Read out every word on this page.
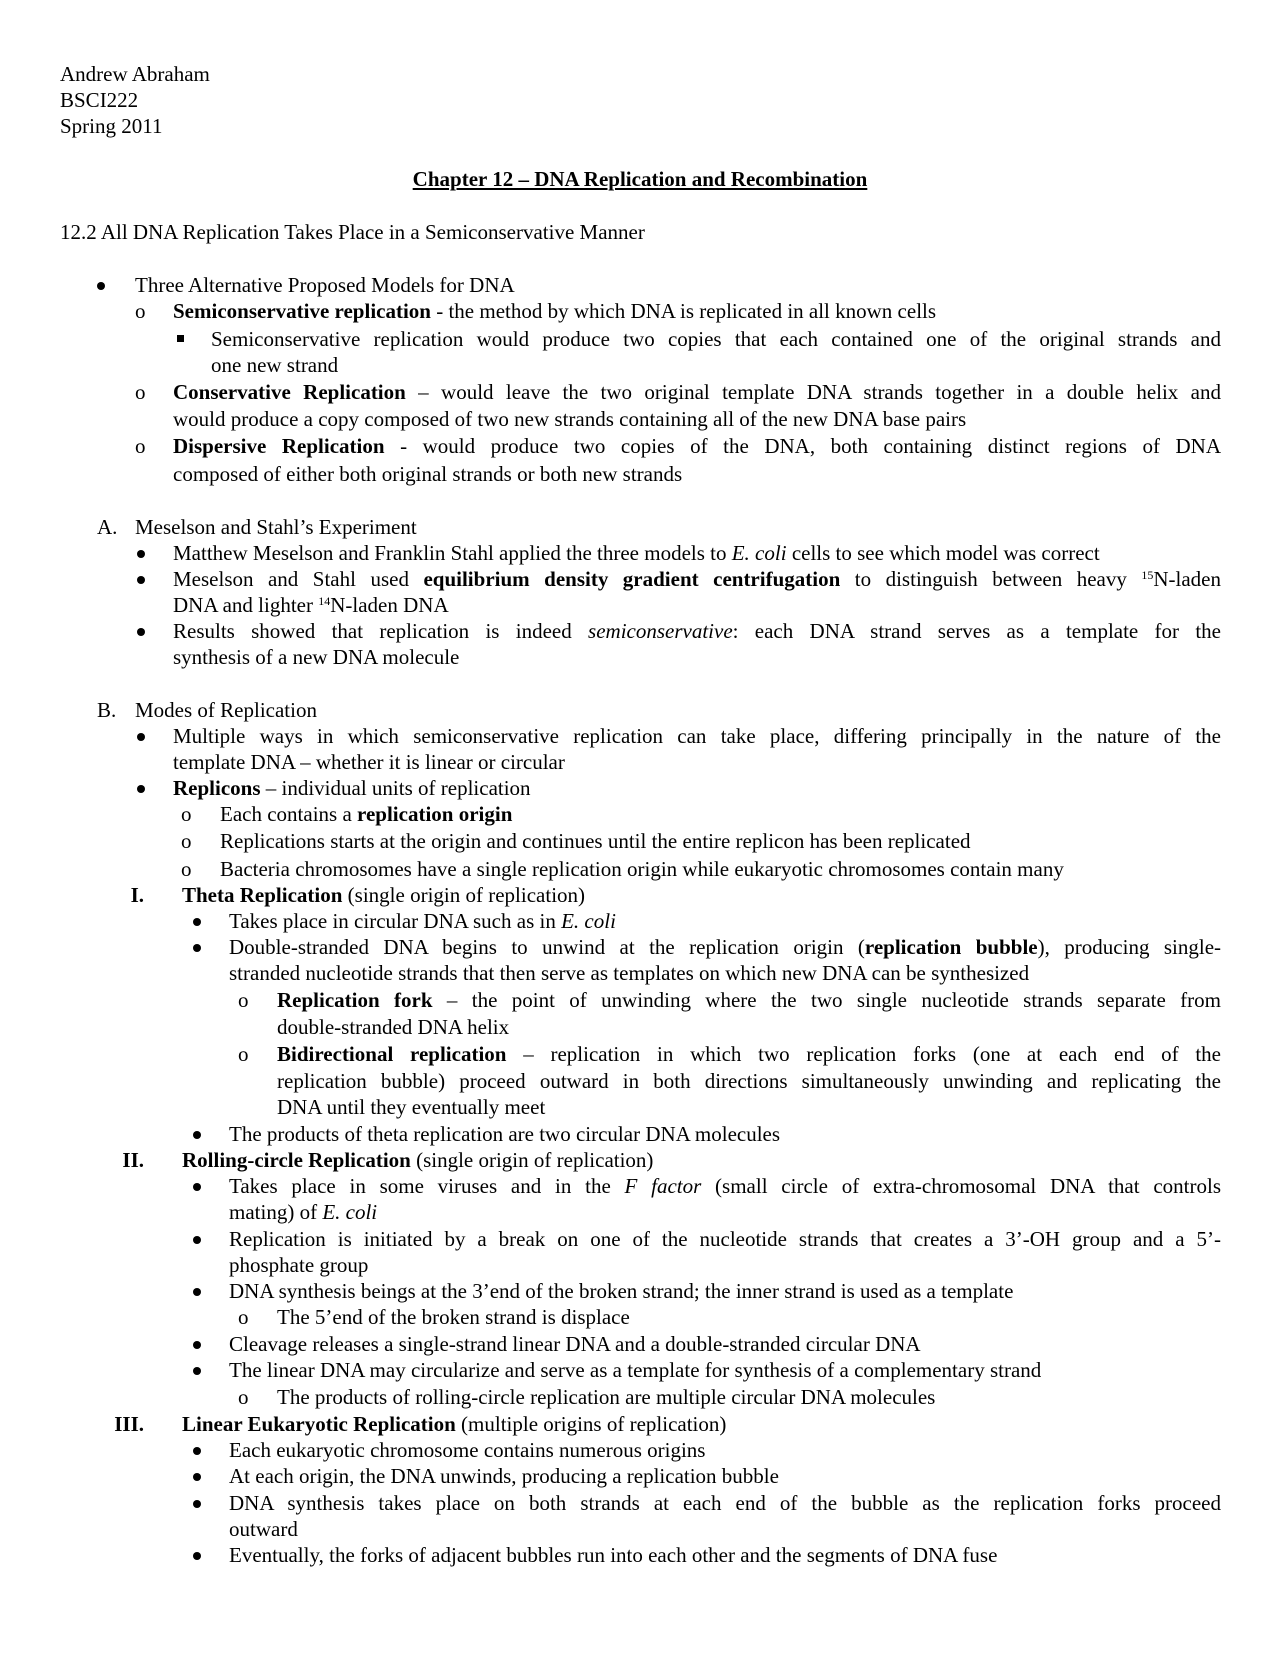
Andrew Abraham
BSCI222
Spring 2011
Chapter 12 – DNA Replication and Recombination
12.2 All DNA Replication Takes Place in a Semiconservative Manner
Three Alternative Proposed Models for DNA
o Semiconservative replication - the method by which DNA is replicated in all known cells
Semiconservative replication would produce two copies that each contained one of the original strands and
one new strand
o Conservative Replication – would leave the two original template DNA strands together in a double helix and
would produce a copy composed of two new strands containing all of the new DNA base pairs
o Dispersive Replication - would produce two copies of the DNA, both containing distinct regions of DNA
composed of either both original strands or both new strands
A. Meselson and Stahl’s Experiment
Matthew Meselson and Franklin Stahl applied the three models to E. coli cells to see which model was correct
Meselson and Stahl used equilibrium density gradient centrifugation to distinguish between heavy $^{15}$N-laden
DNA and lighter $^{14}$N-laden DNA
Results showed that replication is indeed semiconservative: each DNA strand serves as a template for the
synthesis of a new DNA molecule
B. Modes of Replication
Multiple ways in which semiconservative replication can take place, differing principally in the nature of the
template DNA – whether it is linear or circular
Replicons – individual units of replication
o Each contains a replication origin
o Replications starts at the origin and continues until the entire replicon has been replicated
o Bacteria chromosomes have a single replication origin while eukaryotic chromosomes contain many
I. Theta Replication (single origin of replication)
Takes place in circular DNA such as in E. coli
Double-stranded DNA begins to unwind at the replication origin (replication bubble), producing single-
stranded nucleotide strands that then serve as templates on which new DNA can be synthesized
o Replication fork – the point of unwinding where the two single nucleotide strands separate from
double-stranded DNA helix
o Bidirectional replication – replication in which two replication forks (one at each end of the
replication bubble) proceed outward in both directions simultaneously unwinding and replicating the
DNA until they eventually meet
The products of theta replication are two circular DNA molecules
II. Rolling-circle Replication (single origin of replication)
Takes place in some viruses and in the F factor (small circle of extra-chromosomal DNA that controls
mating) of E. coli
Replication is initiated by a break on one of the nucleotide strands that creates a 3’-OH group and a 5’-
phosphate group
DNA synthesis beings at the 3’end of the broken strand; the inner strand is used as a template
o The 5’end of the broken strand is displace
Cleavage releases a single-strand linear DNA and a double-stranded circular DNA
The linear DNA may circularize and serve as a template for synthesis of a complementary strand
o The products of rolling-circle replication are multiple circular DNA molecules
III. Linear Eukaryotic Replication (multiple origins of replication)
Each eukaryotic chromosome contains numerous origins
At each origin, the DNA unwinds, producing a replication bubble
DNA synthesis takes place on both strands at each end of the bubble as the replication forks proceed
outward
Eventually, the forks of adjacent bubbles run into each other and the segments of DNA fuse
